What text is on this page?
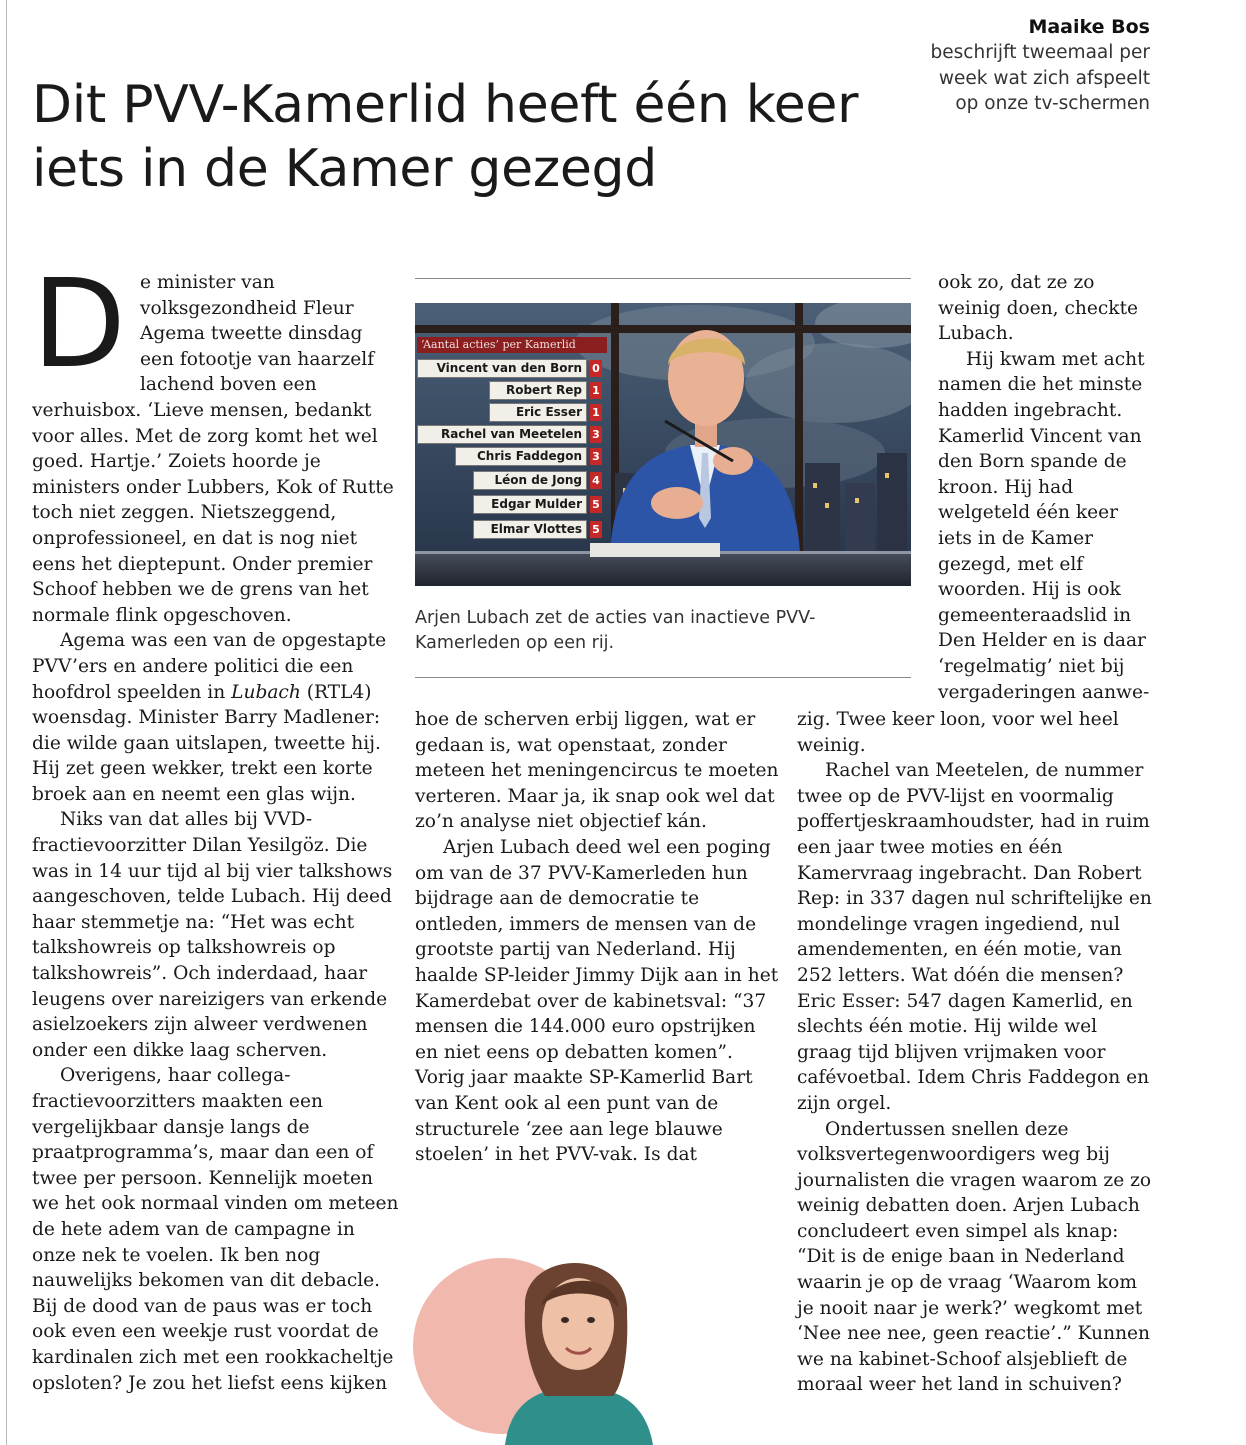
Maaike Bos
beschrijft tweemaal per week wat zich afspeelt op onze tv-schermen
Dit PVV-Kamerlid heeft één keer iets in de Kamer gezegd
D e minister van volksgezondheid Fleur Agema tweette dinsdag een fotootje van haarzelf lachend boven een verhuisbox. ‘Lieve mensen, bedankt voor alles. Met de zorg komt het wel goed. Hartje.’ Zoiets hoorde je ministers onder Lubbers, Kok of Rutte toch niet zeggen. Nietszeggend, onprofessioneel, en dat is nog niet eens het dieptepunt. Onder premier Schoof hebben we de grens van het normale flink opgeschoven.

Agema was een van de opgestapte PVV’ers en andere politici die een hoofdrol speelden in Lubach (RTL4) woensdag. Minister Barry Madlener: die wilde gaan uitslapen, tweette hij. Hij zet geen wekker, trekt een korte broek aan en neemt een glas wijn.

Niks van dat alles bij VVD-fractievoorzitter Dilan Yesilgöz. Die was in 14 uur tijd al bij vier talkshows aangeschoven, telde Lubach. Hij deed haar stemmetje na: “Het was echt talkshowreis op talkshowreis op talkshowreis”. Och inderdaad, haar leugens over nareizigers van erkende asielzoekers zijn alweer verdwenen onder een dikke laag scherven.

Overigens, haar collega-fractievoorzitters maakten een vergelijkbaar dansje langs de praatprogramma’s, maar dan een of twee per persoon. Kennelijk moeten we het ook normaal vinden om meteen de hete adem van de campagne in onze nek te voelen. Ik ben nog nauwelijks bekomen van dit debacle. Bij de dood van de paus was er toch ook even een weekje rust voordat de kardinalen zich met een rookkacheltje opsloten? Je zou het liefst eens kijken

‘Aantal acties’ per Kamerlid
Vincent van den Born 0
Robert Rep 1
Eric Esser 1
Rachel van Meetelen 3
Chris Faddegon 3
Léon de Jong 4
Edgar Mulder 5
Elmar Vlottes 5
Arjen Lubach zet de acties van inactieve PVV-Kamerleden op een rij.

hoe de scherven erbij liggen, wat er gedaan is, wat openstaat, zonder meteen het meningencircus te moeten verteren. Maar ja, ik snap ook wel dat zo’n analyse niet objectief kán.

Arjen Lubach deed wel een poging om van de 37 PVV-Kamerleden hun bijdrage aan de democratie te ontleden, immers de mensen van de grootste partij van Nederland. Hij haalde SP-leider Jimmy Dijk aan in het Kamerdebat over de kabinetsval: “37 mensen die 144.000 euro opstrijken en niet eens op debatten komen”. Vorig jaar maakte SP-Kamerlid Bart van Kent ook al een punt van de structurele ‘zee aan lege blauwe stoelen’ in het PVV-vak. Is dat

ook zo, dat ze zo weinig doen, checkte Lubach.

Hij kwam met acht namen die het minste hadden ingebracht. Kamerlid Vincent van den Born spande de kroon. Hij had welgeteld één keer iets in de Kamer gezegd, met elf woorden. Hij is ook gemeenteraadslid in Den Helder en is daar ‘regelmatig’ niet bij vergaderingen aanwe-

zig. Twee keer loon, voor wel heel weinig.

Rachel van Meetelen, de nummer twee op de PVV-lijst en voormalig poffertjeskraamhoudster, had in ruim een jaar twee moties en één Kamervraag ingebracht. Dan Robert Rep: in 337 dagen nul schriftelijke en mondelinge vragen ingediend, nul amendementen, en één motie, van 252 letters. Wat dóén die mensen? Eric Esser: 547 dagen Kamerlid, en slechts één motie. Hij wilde wel graag tijd blijven vrijmaken voor cafévoetbal. Idem Chris Faddegon en zijn orgel.

Ondertussen snellen deze volksvertegenwoordigers weg bij journalisten die vragen waarom ze zo weinig debatten doen. Arjen Lubach concludeert even simpel als knap: “Dit is de enige baan in Nederland waarin je op de vraag ‘Waarom kom je nooit naar je werk?’ wegkomt met ‘Nee nee nee, geen reactie’.” Kunnen we na kabinet-Schoof alsjeblieft de moraal weer het land in schuiven?
